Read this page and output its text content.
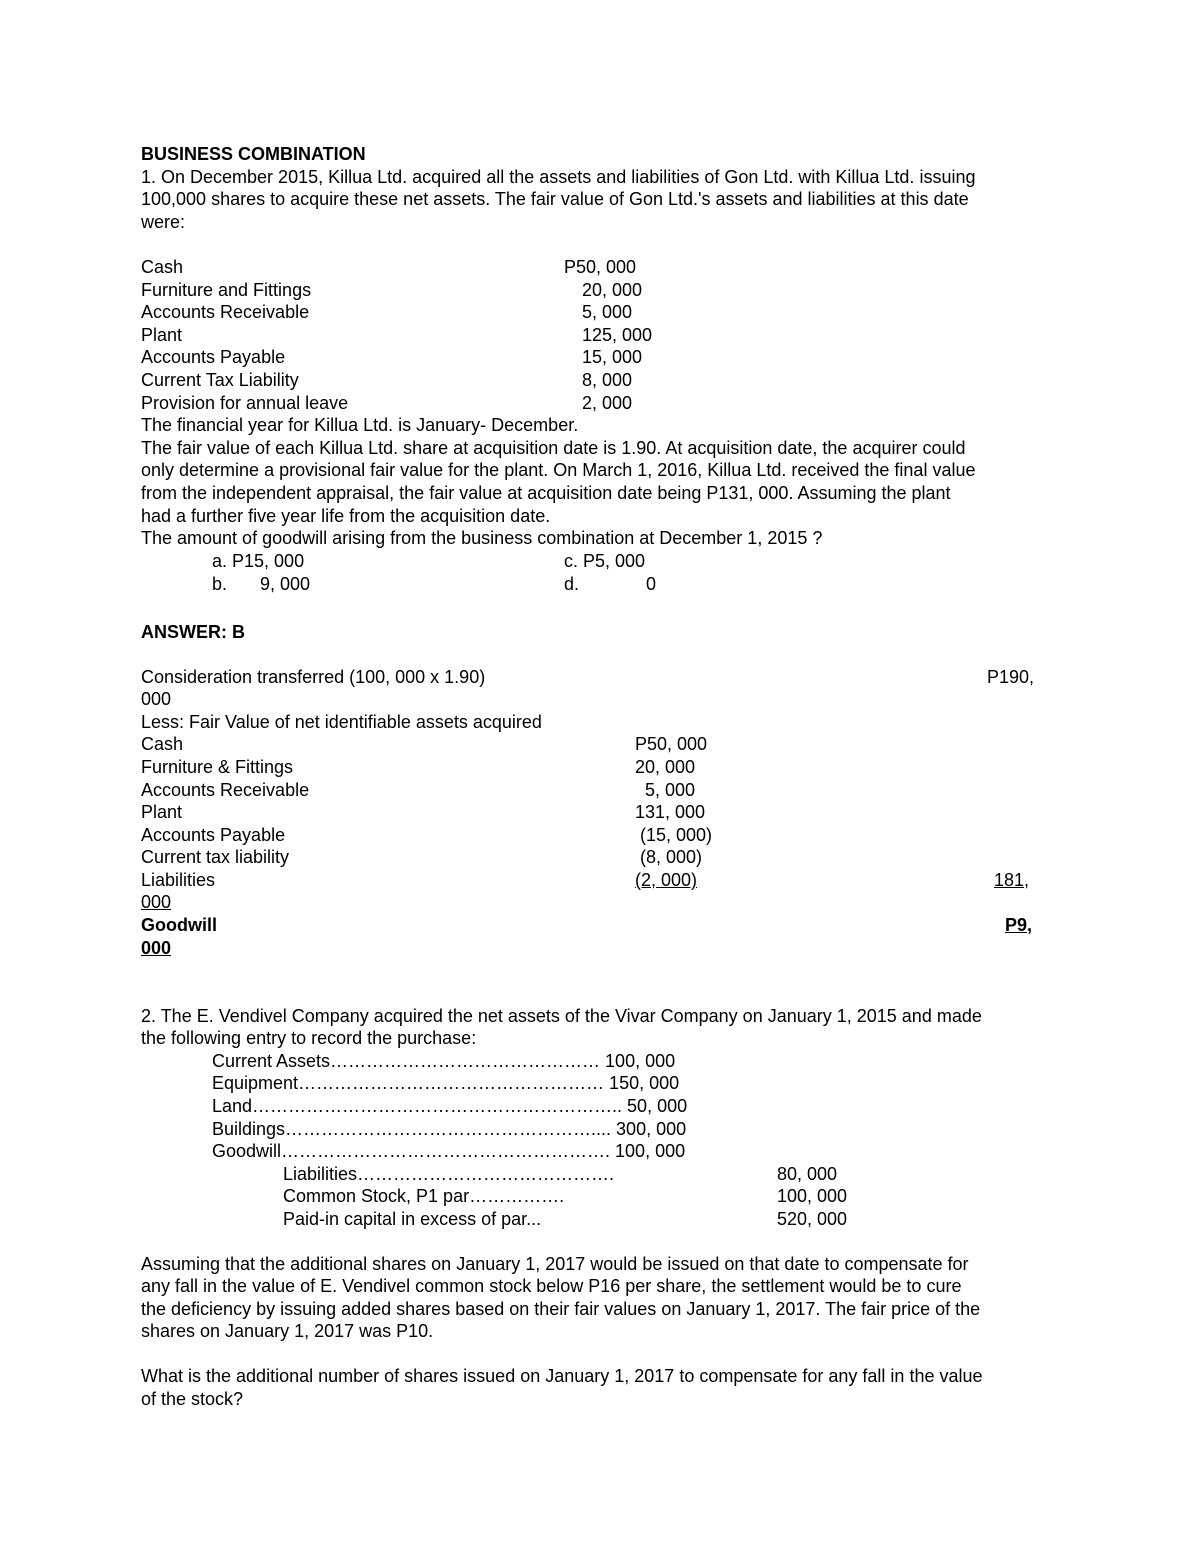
BUSINESS COMBINATION
1. On December 2015, Killua Ltd. acquired all the assets and liabilities of Gon Ltd. with Killua Ltd. issuing
100,000 shares to acquire these net assets. The fair value of Gon Ltd.'s assets and liabilities at this date
were:
Cash	P50, 000
Furniture and Fittings	20, 000
Accounts Receivable	5, 000
Plant	125, 000
Accounts Payable	15, 000
Current Tax Liability	8, 000
Provision for annual leave	2, 000
The financial year for Killua Ltd. is January- December.
The fair value of each Killua Ltd. share at acquisition date is 1.90. At acquisition date, the acquirer could
only determine a provisional fair value for the plant. On March 1, 2016, Killua Ltd. received the final value
from the independent appraisal, the fair value at acquisition date being P131, 000. Assuming the plant
had a further five year life from the acquisition date.
The amount of goodwill arising from the business combination at December 1, 2015 ?
a. P15, 000	c. P5, 000
b. 9, 000	d.	0
ANSWER: B
Consideration transferred (100, 000 x 1.90)	P190,
000
Less: Fair Value of net identifiable assets acquired
Cash	P50, 000
Furniture & Fittings	20, 000
Accounts Receivable	5, 000
Plant	131, 000
Accounts Payable	(15, 000)
Current tax liability	(8, 000)
Liabilities	(2, 000)	181,
000
Goodwill	P9,
000
2. The E. Vendivel Company acquired the net assets of the Vivar Company on January 1, 2015 and made
the following entry to record the purchase:
Current Assets……………………………………… 100, 000
Equipment…………………………………………… 150, 000
Land…………………………………………………….. 50, 000
Buildings…………………………………………….... 300, 000
Goodwill………………………………………………. 100, 000
Liabilities…………………………………….	80, 000
Common Stock, P1 par…………….	100, 000
Paid-in capital in excess of par...	520, 000
Assuming that the additional shares on January 1, 2017 would be issued on that date to compensate for
any fall in the value of E. Vendivel common stock below P16 per share, the settlement would be to cure
the deficiency by issuing added shares based on their fair values on January 1, 2017. The fair price of the
shares on January 1, 2017 was P10.
What is the additional number of shares issued on January 1, 2017 to compensate for any fall in the value
of the stock?
